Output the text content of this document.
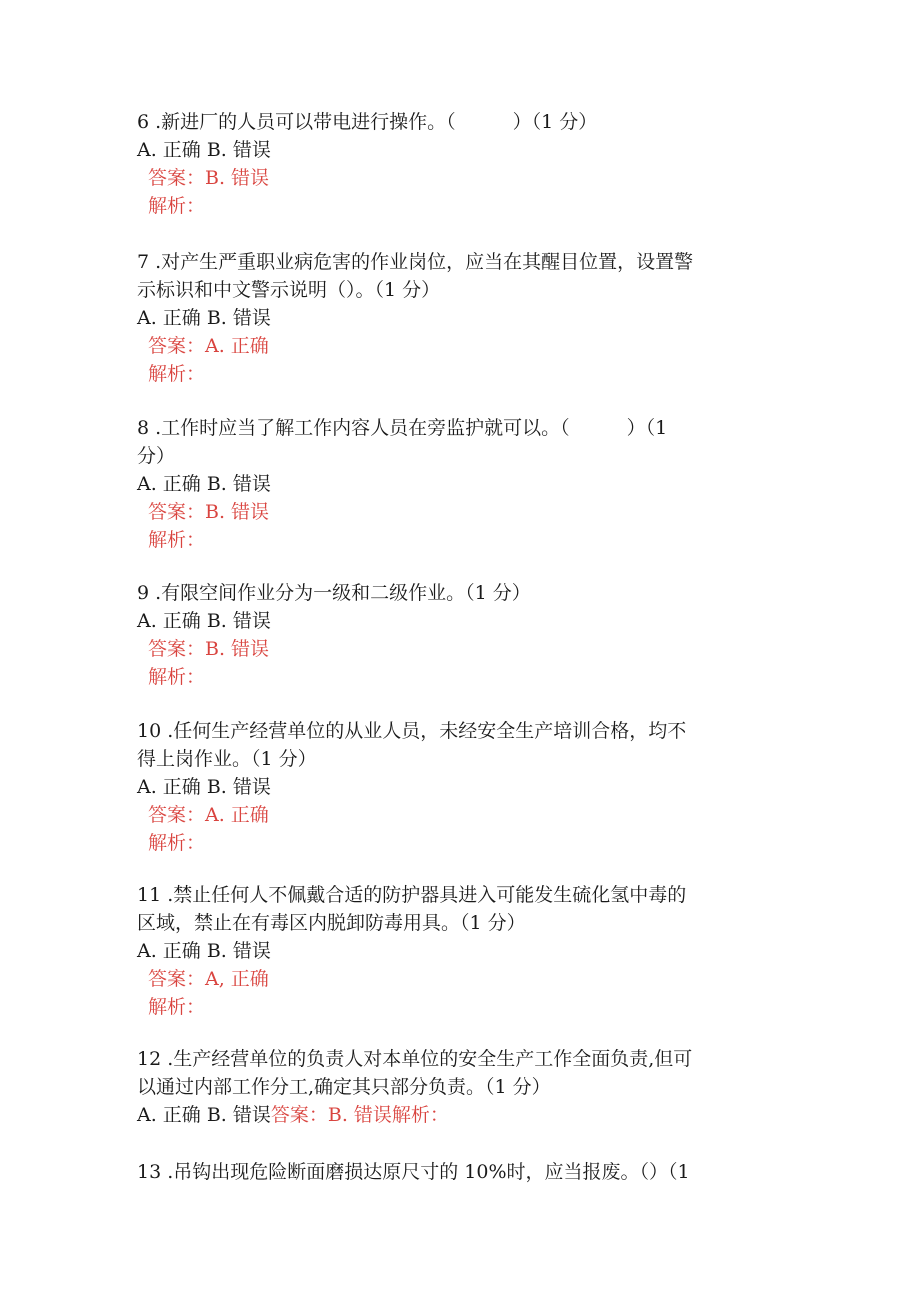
6 .新进厂的人员可以带电进行操作。（　　　）（1 分）
A. 正确 B. 错误
答案：B. 错误
解析：
7 .对产生严重职业病危害的作业岗位，应当在其醒目位置，设置警
示标识和中文警示说明（）。（1 分）
A. 正确 B. 错误
答案：A. 正确
解析：
8 .工作时应当了解工作内容人员在旁监护就可以。（　　　）（1
分）
A. 正确 B. 错误
答案：B. 错误
解析：
9 .有限空间作业分为一级和二级作业。（1 分）
A. 正确 B. 错误
答案：B. 错误
解析：
10 .任何生产经营单位的从业人员，未经安全生产培训合格，均不
得上岗作业。（1 分）
A. 正确 B. 错误
答案：A. 正确
解析：
11 .禁止任何人不佩戴合适的防护器具进入可能发生硫化氢中毒的
区域，禁止在有毒区内脱卸防毒用具。（1 分）
A. 正确 B. 错误
答案：A, 正确
解析：
12 .生产经营单位的负责人对本单位的安全生产工作全面负责,但可
以通过内部工作分工,确定其只部分负责。（1 分）
A. 正确 B. 错误答案：B. 错误解析：
13 .吊钩出现危险断面磨损达原尺寸的 10%时，应当报废。（）（1
